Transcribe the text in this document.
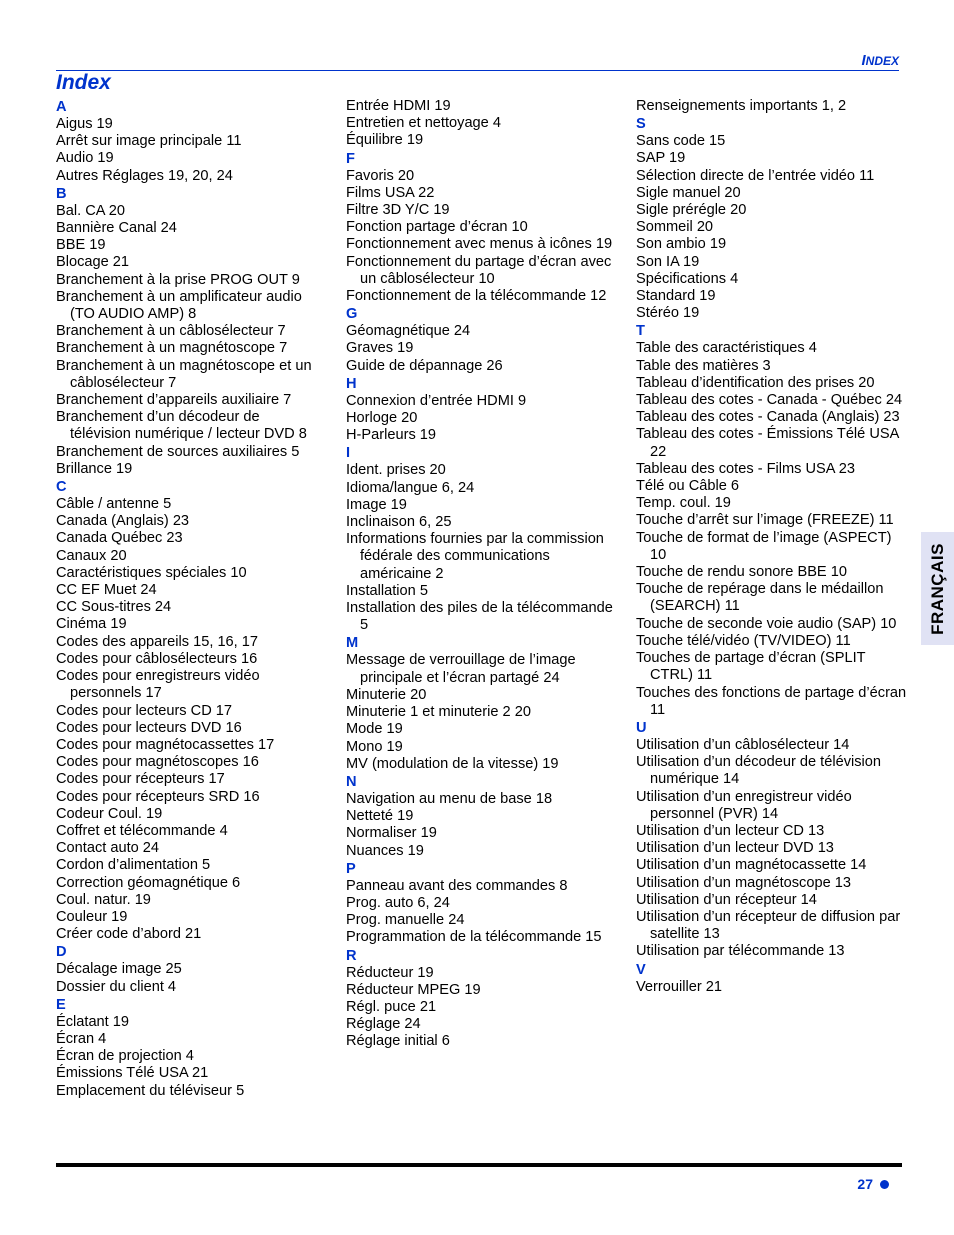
INDEX
Index
A
Aigus 19
Arrêt sur image principale 11
Audio 19
Autres Réglages 19, 20, 24
B
Bal. CA 20
Bannière Canal 24
BBE 19
Blocage 21
Branchement à la prise PROG OUT 9
Branchement à un amplificateur audio (TO AUDIO AMP) 8
Branchement à un câblosélecteur 7
Branchement à un magnétoscope 7
Branchement à un magnétoscope et un câblosélecteur 7
Branchement d’appareils auxiliaire 7
Branchement d’un décodeur de télévision numérique / lecteur DVD 8
Branchement de sources auxiliaires 5
Brillance 19
C
Câble / antenne 5
Canada (Anglais) 23
Canada Québec 23
Canaux 20
Caractéristiques spéciales 10
CC EF Muet 24
CC Sous-titres 24
Cinéma 19
Codes des appareils 15, 16, 17
Codes pour câblosélecteurs 16
Codes pour enregistreurs vidéo personnels 17
Codes pour lecteurs CD 17
Codes pour lecteurs DVD 16
Codes pour magnétocassettes 17
Codes pour magnétoscopes 16
Codes pour récepteurs 17
Codes pour récepteurs SRD 16
Codeur Coul. 19
Coffret et télécommande 4
Contact auto 24
Cordon d’alimentation 5
Correction géomagnétique 6
Coul. natur. 19
Couleur 19
Créer code d’abord 21
D
Décalage image 25
Dossier du client 4
E
Éclatant 19
Écran 4
Écran de projection 4
Émissions Télé USA 21
Emplacement du téléviseur 5
Entrée HDMI 19
Entretien et nettoyage 4
Équilibre 19
F
Favoris 20
Films USA 22
Filtre 3D Y/C 19
Fonction partage d’écran 10
Fonctionnement avec menus à icônes 19
Fonctionnement du partage d’écran avec un câblosélecteur 10
Fonctionnement de la télécommande 12
G
Géomagnétique 24
Graves 19
Guide de dépannage 26
H
Connexion d’entrée HDMI 9
Horloge 20
H-Parleurs 19
I
Ident. prises 20
Idioma/langue 6, 24
Image 19
Inclinaison 6, 25
Informations fournies par la commission fédérale des communications américaine 2
Installation 5
Installation des piles de la télécommande 5
M
Message de verrouillage de l’image principale et l’écran partagé 24
Minuterie 20
Minuterie 1 et minuterie 2 20
Mode 19
Mono 19
MV (modulation de la vitesse) 19
N
Navigation au menu de base 18
Netteté 19
Normaliser 19
Nuances 19
P
Panneau avant des commandes 8
Prog. auto 6, 24
Prog. manuelle 24
Programmation de la télécommande 15
R
Réducteur 19
Réducteur MPEG 19
Régl. puce 21
Réglage 24
Réglage initial 6
Renseignements importants 1, 2
S
Sans code 15
SAP 19
Sélection directe de l’entrée vidéo 11
Sigle manuel 20
Sigle prérégle 20
Sommeil 20
Son ambio 19
Son IA 19
Spécifications 4
Standard 19
Stéréo 19
T
Table des caractéristiques 4
Table des matières 3
Tableau d’identification des prises 20
Tableau des cotes - Canada - Québec 24
Tableau des cotes - Canada (Anglais) 23
Tableau des cotes - Émissions Télé USA 22
Tableau des cotes - Films USA 23
Télé ou Câble 6
Temp. coul. 19
Touche d’arrêt sur l’image (FREEZE) 11
Touche de format de l’image (ASPECT) 10
Touche de rendu sonore BBE 10
Touche de repérage dans le médaillon (SEARCH) 11
Touche de seconde voie audio (SAP) 10
Touche télé/vidéo (TV/VIDEO) 11
Touches de partage d’écran (SPLIT CTRL) 11
Touches des fonctions de partage d’écran 11
U
Utilisation d’un câblosélecteur 14
Utilisation d’un décodeur de télévision numérique 14
Utilisation d’un enregistreur vidéo personnel (PVR) 14
Utilisation d’un lecteur CD 13
Utilisation d’un lecteur DVD 13
Utilisation d’un magnétocassette 14
Utilisation d’un magnétoscope 13
Utilisation d’un récepteur 14
Utilisation d’un récepteur de diffusion par satellite 13
Utilisation par télécommande 13
V
Verrouiller 21
FRANÇAIS
27
